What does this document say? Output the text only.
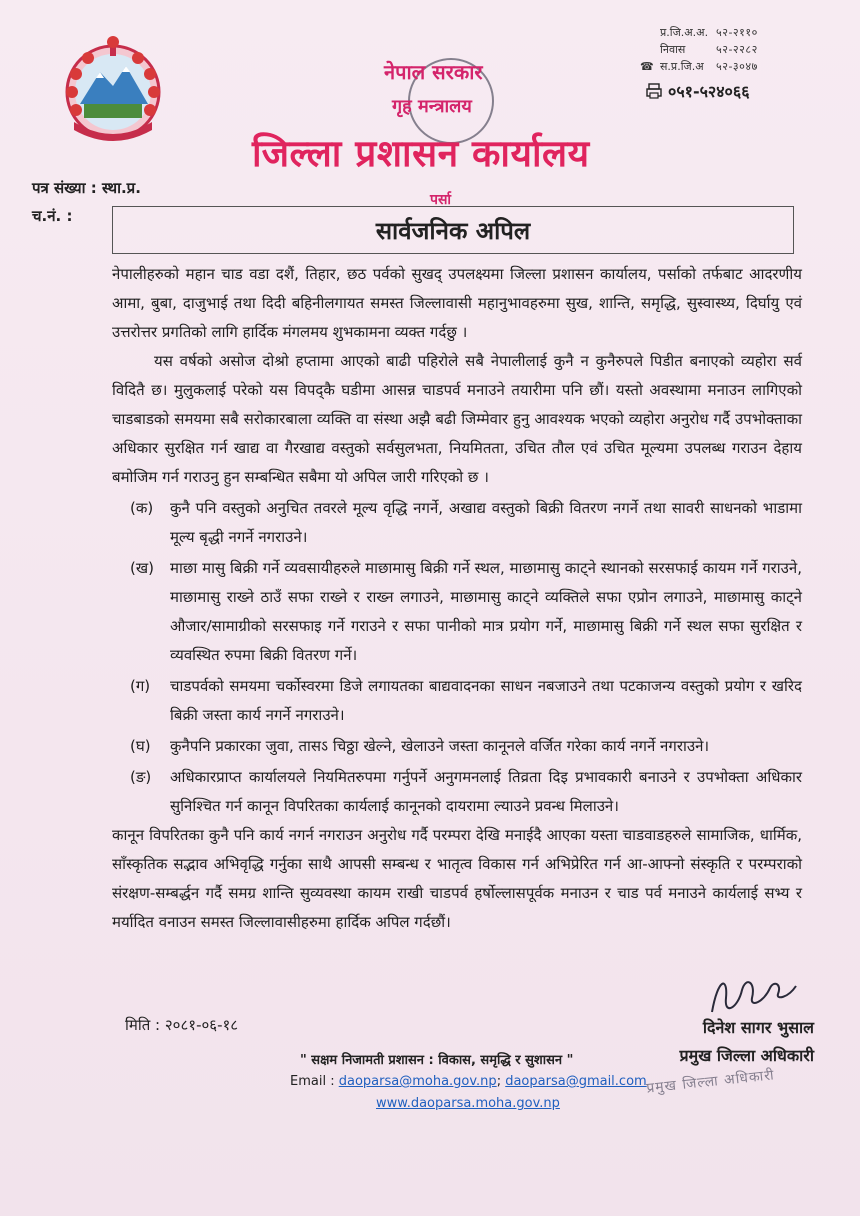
प्र.जि.अ.अ. ५२-२११०
निवास	५२-२२८२
☎ स.प्र.जि.अ	५२-३०४७
०५१-५२४०६६
नेपाल सरकार
गृह मन्त्रालय
जिल्ला प्रशासन कार्यालय
पर्सा
पत्र संख्या : स्था.प्र.
च.नं. :	सार्वजनिक अपिल

नेपालीहरुको महान चाड वडा दशैं, तिहार, छठ पर्वको सुखद् उपलक्ष्यमा जिल्ला प्रशासन कार्यालय, पर्साको तर्फबाट आदरणीय आमा, बुबा, दाजुभाई तथा दिदी बहिनीलगायत समस्त जिल्लावासी महानुभावहरुमा सुख, शान्ति, समृद्धि, सुस्वास्थ्य, दिर्घायु एवं उत्तरोत्तर प्रगतिको लागि हार्दिक मंगलमय शुभकामना व्यक्त गर्दछु ।

यस वर्षको असोज दोश्रो हप्तामा आएको बाढी पहिरोले सबै नेपालीलाई कुनै न कुनैरुपले पिडीत बनाएको व्यहोरा सर्व विदितै छ। मुलुकलाई परेको यस विपद्‌कै घडीमा आसन्न चाडपर्व मनाउने तयारीमा पनि छौं। यस्तो अवस्थामा मनाउन लागिएको चाडबाडको समयमा सबै सरोकारबाला व्यक्ति वा संस्था अझै बढी जिम्मेवार हुनु आवश्यक भएको व्यहोरा अनुरोध गर्दै उपभोक्ताका अधिकार सुरक्षित गर्न खाद्य वा गैरखाद्य वस्तुको सर्वसुलभता, नियमितता, उचित तौल एवं उचित मूल्यमा उपलब्ध गराउन देहाय बमोजिम गर्न गराउनु हुन सम्बन्धित सबैमा यो अपिल जारी गरिएको छ ।

(क)	कुनै पनि वस्तुको अनुचित तवरले मूल्य वृद्धि नगर्ने, अखाद्य वस्तुको बिक्री वितरण नगर्ने तथा सावरी साधनको भाडामा मूल्य बृद्धी नगर्ने नगराउने।
(ख)	माछा मासु बिक्री गर्ने व्यवसायीहरुले माछामासु बिक्री गर्ने स्थल, माछामासु काट्ने स्थानको सरसफाई कायम गर्ने गराउने, माछामासु राख्ने ठाउँ सफा राख्ने र राख्न लगाउने, माछामासु काट्ने व्यक्तिले सफा एप्रोन लगाउने, माछामासु काट्ने औजार/सामाग्रीको सरसफाइ गर्ने गराउने र सफा पानीको मात्र प्रयोग गर्ने, माछामासु बिक्री गर्ने स्थल सफा सुरक्षित र व्यवस्थित रुपमा बिक्री वितरण गर्ने।
(ग)	चाडपर्वको समयमा चर्कोस्वरमा डिजे लगायतका बाद्यवादनका साधन नबजाउने तथा पटकाजन्य वस्तुको प्रयोग र खरिद बिक्री जस्ता कार्य नगर्ने नगराउने।
(घ)	कुनैपनि प्रकारका जुवा, तासऽ चिठ्ठा खेल्ने, खेलाउने जस्ता कानूनले वर्जित गरेका कार्य नगर्ने नगराउने।
(ङ)	अधिकारप्राप्त कार्यालयले नियमितरुपमा गर्नुपर्ने अनुगमनलाई तिव्रता दिइ प्रभावकारी बनाउने र उपभोक्ता अधिकार सुनिश्चित गर्न कानून विपरितका कार्यलाई कानूनको दायरामा ल्याउने प्रवन्ध मिलाउने।

कानून विपरितका कुनै पनि कार्य नगर्न नगराउन अनुरोध गर्दै परम्परा देखि मनाईदै आएका यस्ता चाडवाडहरुले सामाजिक, धार्मिक, साँस्कृतिक सद्भाव अभिवृद्धि गर्नुका साथै आपसी सम्बन्ध र भातृत्व विकास गर्न अभिप्रेरित गर्न आ-आफ्नो संस्कृति र परम्पराको संरक्षण-सम्बर्द्धन गर्दै समग्र शान्ति सुव्यवस्था कायम राखी चाडपर्व हर्षोल्लासपूर्वक मनाउन र चाड पर्व मनाउने कार्यलाई सभ्य र मर्यादित वनाउन समस्त जिल्लावासीहरुमा हार्दिक अपिल गर्दछौं।

मिति : २०८१-०६-१८	दिनेश सागर भुसाल
प्रमुख जिल्ला अधिकारी
" सक्षम निजामती प्रशासन : विकास, समृद्धि र सुशासन "
Email : daoparsa@moha.gov.np; daoparsa@gmail.com
www.daoparsa.moha.gov.np
प्रमुख जिल्ला अधिकारी
